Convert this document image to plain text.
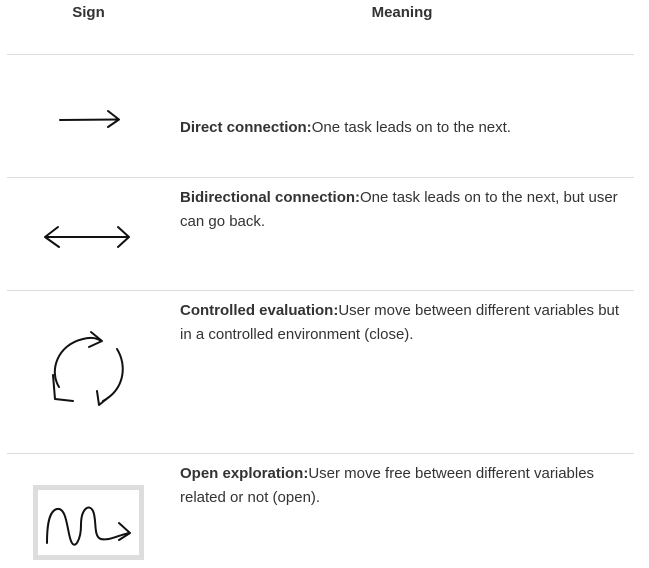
Sign	Meaning
Direct connection:One task leads on to the next.
Bidirectional connection:One task leads on to the next, but user can go back.
Controlled evaluation:User move between different variables but in a controlled environment (close).
Open exploration:User move free between different variables related or not (open).
